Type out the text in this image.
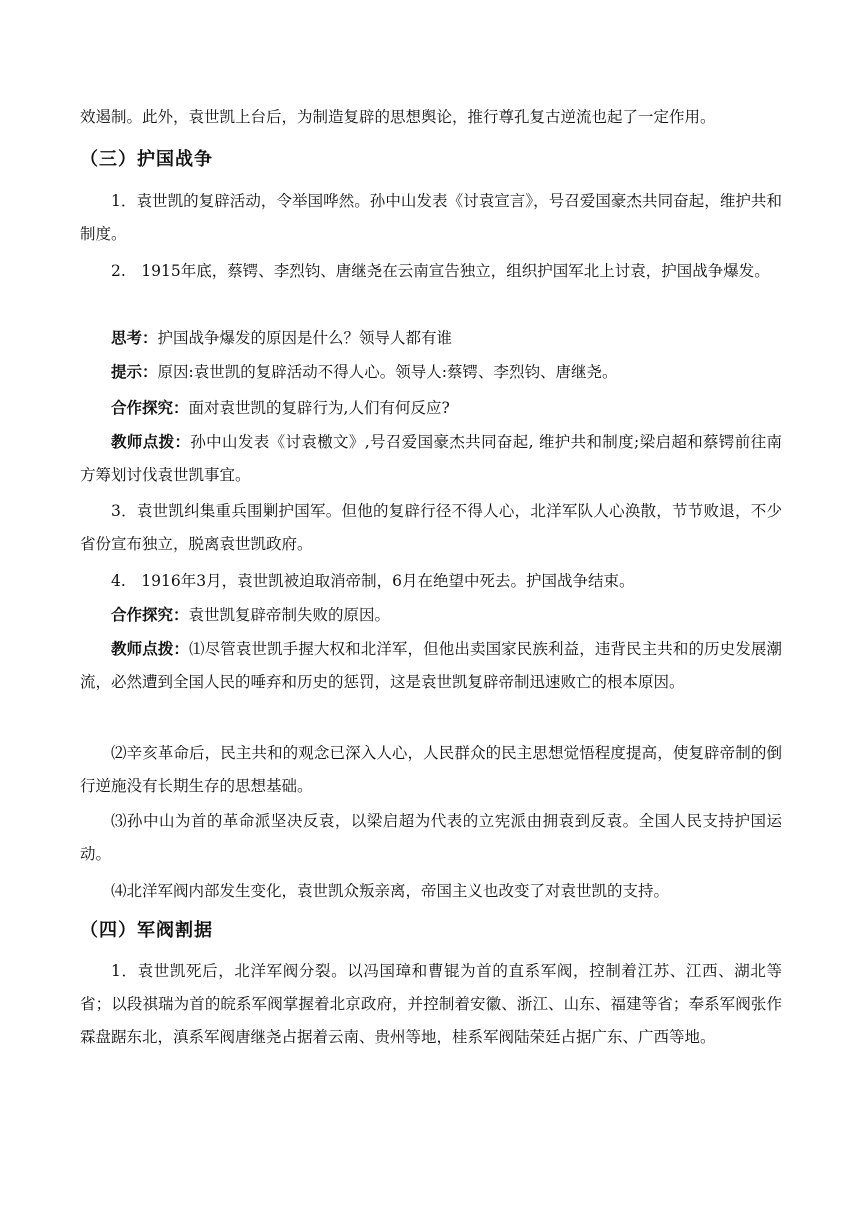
效遏制。此外，袁世凯上台后，为制造复辟的思想舆论，推行尊孔复古逆流也起了一定作用。

（三）护国战争

1．袁世凯的复辟活动，令举国哗然。孙中山发表《讨袁宣言》，号召爱国豪杰共同奋起，维护共和制度。

2.　1915年底，蔡锷、李烈钧、唐继尧在云南宣告独立，组织护国军北上讨袁，护国战争爆发。

思考：护国战争爆发的原因是什么？领导人都有谁

提示：原因:袁世凯的复辟活动不得人心。领导人:蔡锷、李烈钧、唐继尧。

合作探究：面对袁世凯的复辟行为,人们有何反应?

教师点拨：孙中山发表《讨袁檄文》,号召爱国豪杰共同奋起, 维护共和制度;梁启超和蔡锷前往南方筹划讨伐袁世凯事宜。

3．袁世凯纠集重兵围剿护国军。但他的复辟行径不得人心，北洋军队人心涣散，节节败退，不少省份宣布独立，脱离袁世凯政府。

4.　1916年3月，袁世凯被迫取消帝制，6月在绝望中死去。护国战争结束。

合作探究：袁世凯复辟帝制失败的原因。

教师点拨：⑴尽管袁世凯手握大权和北洋军，但他出卖国家民族利益，违背民主共和的历史发展潮流，必然遭到全国人民的唾弃和历史的惩罚，这是袁世凯复辟帝制迅速败亡的根本原因。

⑵辛亥革命后，民主共和的观念已深入人心，人民群众的民主思想觉悟程度提高，使复辟帝制的倒行逆施没有长期生存的思想基础。

⑶孙中山为首的革命派坚决反袁，以梁启超为代表的立宪派由拥袁到反袁。全国人民支持护国运动。

⑷北洋军阀内部发生变化，袁世凯众叛亲离，帝国主义也改变了对袁世凯的支持。

（四）军阀割据

1．袁世凯死后，北洋军阀分裂。以冯国璋和曹锟为首的直系军阀，控制着江苏、江西、湖北等省；以段祺瑞为首的皖系军阀掌握着北京政府，并控制着安徽、浙江、山东、福建等省；奉系军阀张作霖盘踞东北，滇系军阀唐继尧占据着云南、贵州等地，桂系军阀陆荣廷占据广东、广西等地。
